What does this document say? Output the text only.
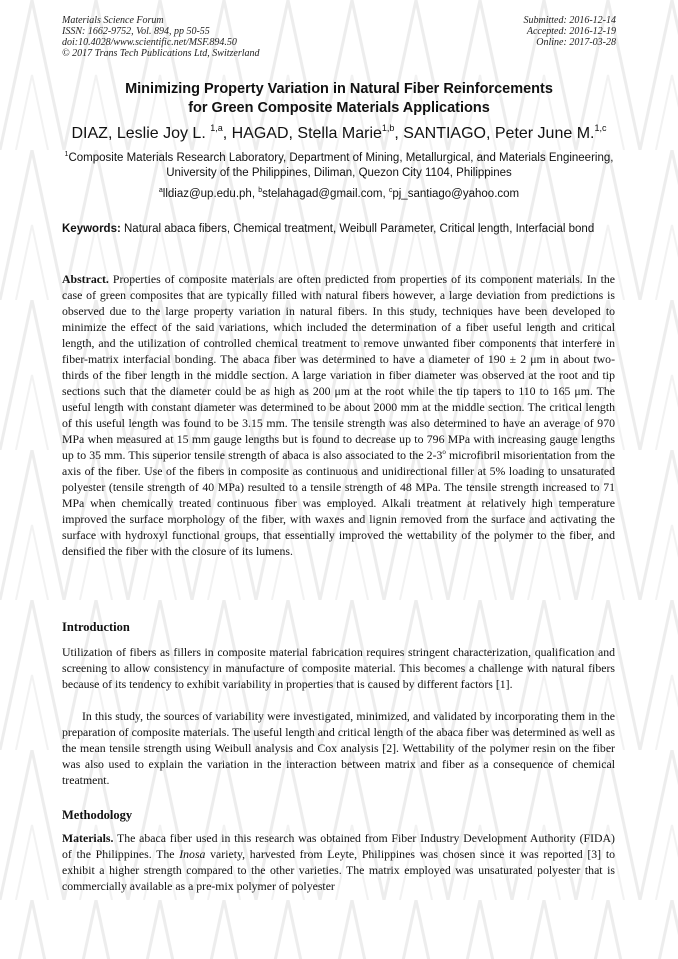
Materials Science Forum
ISSN: 1662-9752, Vol. 894, pp 50-55
doi:10.4028/www.scientific.net/MSF.894.50
© 2017 Trans Tech Publications Ltd, Switzerland
Submitted: 2016-12-14
Accepted: 2016-12-19
Online: 2017-03-28
Minimizing Property Variation in Natural Fiber Reinforcements
for Green Composite Materials Applications
DIAZ, Leslie Joy L. $^{1,a}$, HAGAD, Stella Marie$^{1,b}$, SANTIAGO, Peter June M.$^{1,c}$
$^1$Composite Materials Research Laboratory, Department of Mining, Metallurgical, and Materials Engineering, University of the Philippines, Diliman, Quezon City 1104, Philippines
$^a$lldiaz@up.edu.ph, $^b$stelahagad@gmail.com, $^c$pj_santiago@yahoo.com
Keywords: Natural abaca fibers, Chemical treatment, Weibull Parameter, Critical length, Interfacial bond
Abstract. Properties of composite materials are often predicted from properties of its component materials. In the case of green composites that are typically filled with natural fibers however, a large deviation from predictions is observed due to the large property variation in natural fibers. In this study, techniques have been developed to minimize the effect of the said variations, which included the determination of a fiber useful length and critical length, and the utilization of controlled chemical treatment to remove unwanted fiber components that interfere in fiber-matrix interfacial bonding. The abaca fiber was determined to have a diameter of 190 ± 2 μm in about two-thirds of the fiber length in the middle section. A large variation in fiber diameter was observed at the root and tip sections such that the diameter could be as high as 200 μm at the root while the tip tapers to 110 to 165 μm. The useful length with constant diameter was determined to be about 2000 mm at the middle section. The critical length of this useful length was found to be 3.15 mm. The tensile strength was also determined to have an average of 970 MPa when measured at 15 mm gauge lengths but is found to decrease up to 796 MPa with increasing gauge lengths up to 35 mm. This superior tensile strength of abaca is also associated to the 2-3$^o$ microfibril misorientation from the axis of the fiber. Use of the fibers in composite as continuous and unidirectional filler at 5% loading to unsaturated polyester (tensile strength of 40 MPa) resulted to a tensile strength of 48 MPa. The tensile strength increased to 71 MPa when chemically treated continuous fiber was employed. Alkali treatment at relatively high temperature improved the surface morphology of the fiber, with waxes and lignin removed from the surface and activating the surface with hydroxyl functional groups, that essentially improved the wettability of the polymer to the fiber, and densified the fiber with the closure of its lumens.
Introduction
Utilization of fibers as fillers in composite material fabrication requires stringent characterization, qualification and screening to allow consistency in manufacture of composite material. This becomes a challenge with natural fibers because of its tendency to exhibit variability in properties that is caused by different factors [1].
In this study, the sources of variability were investigated, minimized, and validated by incorporating them in the preparation of composite materials. The useful length and critical length of the abaca fiber was determined as well as the mean tensile strength using Weibull analysis and Cox analysis [2]. Wettability of the polymer resin on the fiber was also used to explain the variation in the interaction between matrix and fiber as a consequence of chemical treatment.
Methodology
Materials. The abaca fiber used in this research was obtained from Fiber Industry Development Authority (FIDA) of the Philippines. The Inosa variety, harvested from Leyte, Philippines was chosen since it was reported [3] to exhibit a higher strength compared to the other varieties. The matrix employed was unsaturated polyester that is commercially available as a pre-mix polymer of polyester
